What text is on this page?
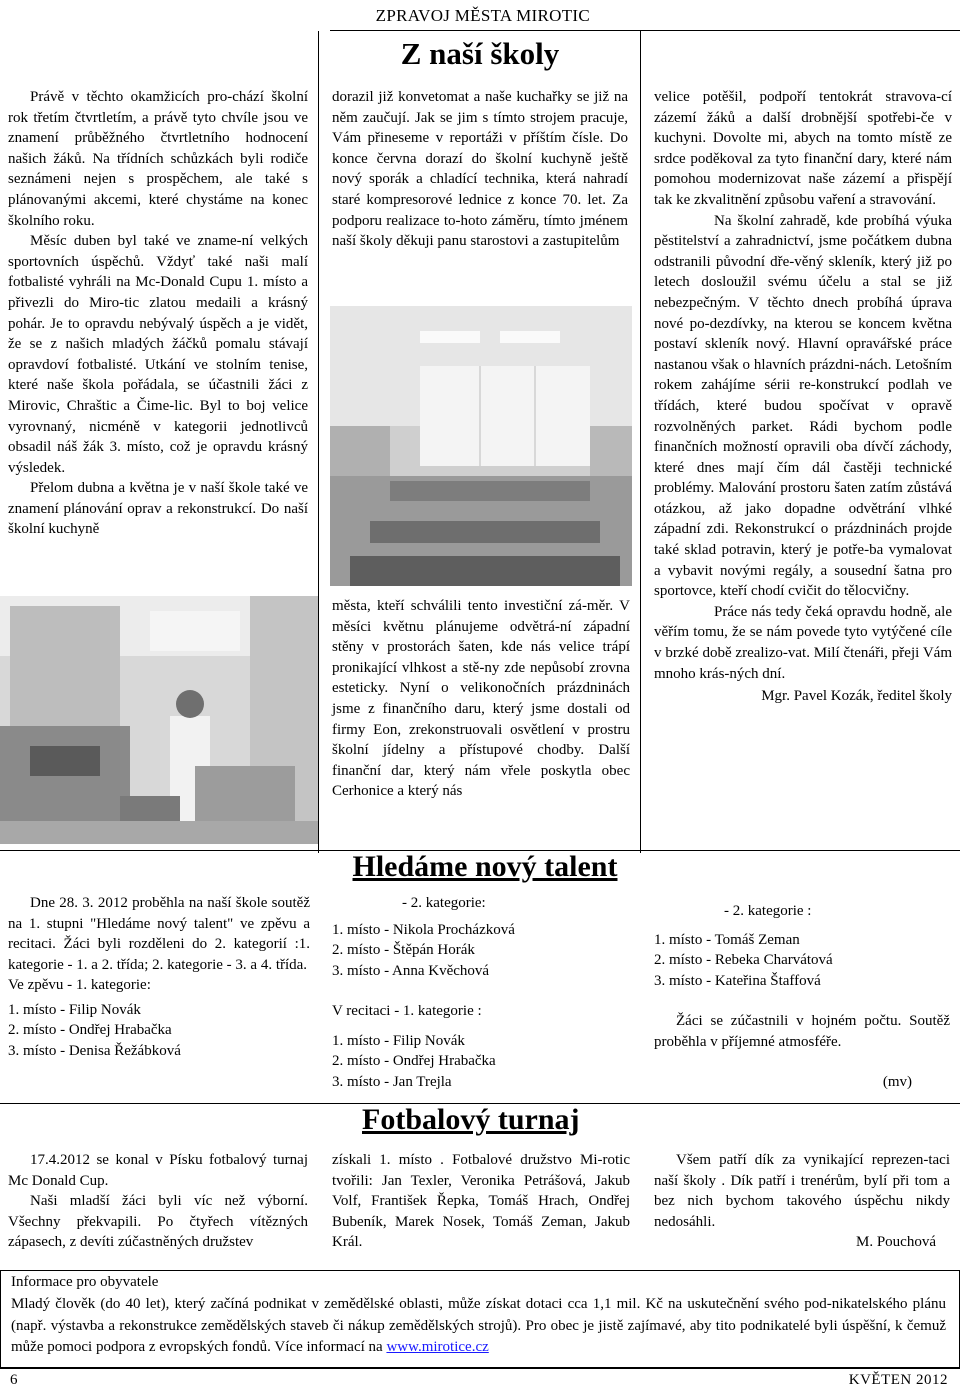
ZPRAVOJ MĚSTA MIROTIC
Z naší školy

Právě v těchto okamžicích pro-chází školní rok třetím čtvrtletím, a právě tyto chvíle jsou ve znamení průběžného čtvrtletního hodnocení našich žáků. Na třídních schůzkách byli rodiče seznámeni nejen s prospěchem, ale také s plánovanými akcemi, které chystáme na konec školního roku.

Měsíc duben byl také ve zname-ní velkých sportovních úspěchů. Vždyť také naši malí fotbalisté vyhráli na Mc-Donald Cupu 1. místo a přivezli do Miro-tic zlatou medaili a krásný pohár. Je to opravdu nebývalý úspěch a je vidět, že se z našich mladých žáčků pomalu stávají opravdoví fotbalisté. Utkání ve stolním tenise, které naše škola pořádala, se účastnili žáci z Mirovic, Chraštic a Čime-lic. Byl to boj velice vyrovnaný, nicméně v kategorii jednotlivců obsadil náš žák 3. místo, což je opravdu krásný výsledek.

Přelom dubna a května je v naší škole také ve znamení plánování oprav a rekonstrukcí. Do naší školní kuchyně

dorazil již konvetomat a naše kuchařky se již na něm zaučují. Jak se jim s tímto strojem pracuje, Vám přineseme v reportáži v příštím čísle. Do konce června dorazí do školní kuchyně ještě nový sporák a chladící technika, která nahradí staré kompresorové lednice z konce 70. let. Za podporu realizace to-hoto záměru, tímto jménem naší školy děkuji panu starostovi a zastupitelům

města, kteří schválili tento investiční zá-měr. V měsíci květnu plánujeme odvětrá-ní západní stěny v prostorách šaten, kde nás velice trápí pronikající vlhkost a stě-ny zde nepůsobí zrovna esteticky. Nyní o velikonočních prázdninách jsme z finančního daru, který jsme dostali od firmy Eon, zrekonstruovali osvětlení v prostru školní jídelny a přístupové chodby. Další finanční dar, který nám vřele poskytla obec Cerhonice a který nás

velice potěšil, podpoří tentokrát stravova-cí zázemí žáků a další drobnější spotřebi-če v kuchyni. Dovolte mi, abych na tomto místě ze srdce poděkoval za tyto finanční dary, které nám pomohou modernizovat naše zázemí a přispějí tak ke zkvalitnění způsobu vaření a stravování.

Na školní zahradě, kde probíhá výuka pěstitelství a zahradnictví, jsme počátkem dubna odstranili původní dře-věný skleník, který již po letech dosloužil svému účelu a stal se již nebezpečným. V těchto dnech probíhá úprava nové po-dezdívky, na kterou se koncem května postaví skleník nový. Hlavní opravářské práce nastanou však o hlavních prázdni-nách. Letošním rokem zahájíme sérii re-konstrukcí podlah ve třídách, které budou spočívat v opravě rozvolněných parket. Rádi bychom podle finančních možností opravili oba dívčí záchody, které dnes mají čím dál častěji technické problémy. Malování prostoru šaten zatím zůstává otázkou, až jako dopadne odvětrání vlhké západní zdi. Rekonstrukcí o prázdninách projde také sklad potravin, který je potře-ba vymalovat a vybavit novými regály, a sousední šatna pro sportovce, kteří chodí cvičit do tělocvičny.

Práce nás tedy čeká opravdu hodně, ale věřím tomu, že se nám povede tyto vytýčené cíle v brzké době zrealizo-vat. Milí čtenáři, přeji Vám mnoho krás-ných dní.

Mgr. Pavel Kozák, ředitel školy

Hledáme nový talent
Dne 28. 3. 2012 proběhla na naší škole soutěž na 1. stupni "Hledáme nový talent" ve zpěvu a recitaci. Žáci byli rozděleni do 2. kategorií :1. kategorie - 1. a 2. třída; 2. kategorie - 3. a 4. třída.
Ve zpěvu - 1. kategorie:
1. místo - Filip Novák
2. místo - Ondřej Hrabačka
3. místo - Denisa Řežábková
- 2. kategorie:
1. místo - Nikola Procházková
2. místo - Štěpán Horák
3. místo - Anna Kvěchová
V recitaci - 1. kategorie :
1. místo - Filip Novák
2. místo - Ondřej Hrabačka
3. místo - Jan Trejla
- 2. kategorie :
1. místo - Tomáš Zeman
2. místo - Rebeka Charvátová
3. místo - Kateřina Štaffová
Žáci se zúčastnili v hojném počtu. Soutěž proběhla v příjemné atmosféře.
(mv)
Fotbalový turnaj

17.4.2012 se konal v Písku fotbalový turnaj Mc Donald Cup.

Naši mladší žáci byli víc než výborní. Všechny překvapili. Po čtyřech vítězných zápasech, z devíti zúčastněných družstev

získali 1. místo . Fotbalové družstvo Mi-rotic tvořili: Jan Texler, Veronika Petrášová, Jakub Volf, František Řepka, Tomáš Hrach, Ondřej Bubeník, Marek Nosek, Tomáš Zeman, Jakub Král.

Všem patří dík za vynikající reprezen-taci naší školy . Dík patří i trenérům, bylí při tom a bez nich bychom takového úspěchu nikdy nedosáhli.

M. Pouchová

Informace pro obyvatele
Mladý člověk (do 40 let), který začíná podnikat v zemědělské oblasti, může získat dotaci cca 1,1 mil. Kč na uskutečnění svého pod-nikatelského plánu (např. výstavba a rekonstrukce zemědělských staveb či nákup zemědělských strojů). Pro obec je jistě zajímavé, aby tito podnikatelé byli úspěšní, k čemuž může pomoci podpora z evropských fondů. Více informací na www.mirotice.cz
6	KVĚTEN 2012
